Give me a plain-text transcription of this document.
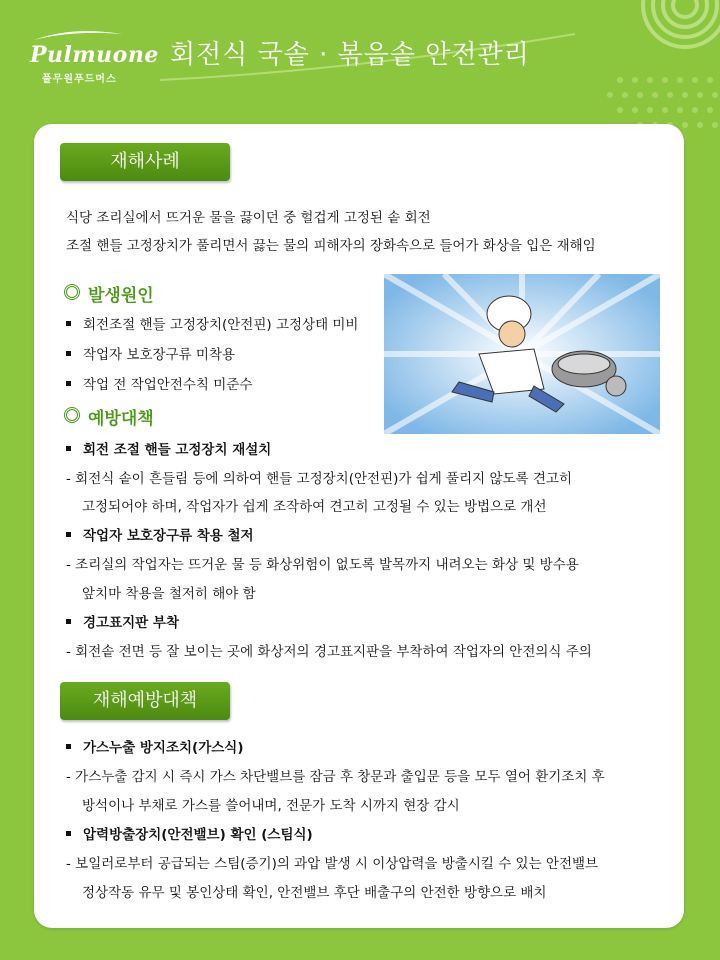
Pulmuone
풀무원푸드머스
회전식 국솥 · 볶음솥 안전관리
재해사례
식당 조리실에서 뜨거운 물을 끓이던 중 헐겁게 고정된 솥 회전
조절 핸들 고정장치가 풀리면서 끓는 물의 피해자의 장화속으로 들어가 화상을 입은 재해임
발생원인
회전조절 핸들 고정장치(안전핀) 고정상태 미비
작업자 보호장구류 미착용
작업 전 작업안전수칙 미준수
예방대책
회전 조절 핸들 고정장치 재설치
- 회전식 솥이 흔들림 등에 의하여 핸들 고정장치(안전핀)가 쉽게 풀리지 않도록 견고히
고정되어야 하며, 작업자가 쉽게 조작하여 견고히 고정될 수 있는 방법으로 개선
작업자 보호장구류 착용 철저
- 조리실의 작업자는 뜨거운 물 등 화상위험이 없도록 발목까지 내려오는 화상 및 방수용
앞치마 착용을 철저히 해야 함
경고표지판 부착
- 회전솥 전면 등 잘 보이는 곳에 화상저의 경고표지판을 부착하여 작업자의 안전의식 주의
재해예방대책
가스누출 방지조치(가스식)
- 가스누출 감지 시 즉시 가스 차단밸브를 잠금 후 창문과 출입문 등을 모두 열어 환기조치 후
방석이나 부채로 가스를 쓸어내며, 전문가 도착 시까지 현장 감시
압력방출장치(안전밸브) 확인 (스팀식)
- 보일러로부터 공급되는 스팀(증기)의 과압 발생 시 이상압력을 방출시킬 수 있는 안전밸브
정상작동 유무 및 봉인상태 확인, 안전밸브 후단 배출구의 안전한 방향으로 배치
